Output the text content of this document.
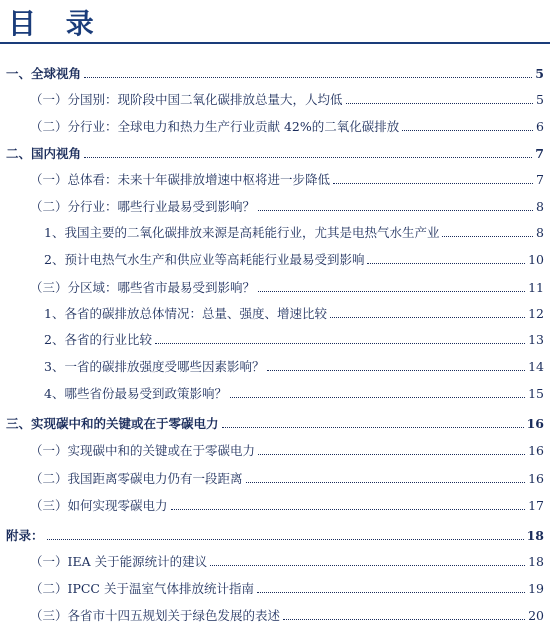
目 录
一、全球视角	5
（一）分国别：现阶段中国二氧化碳排放总量大，人均低	5
（二）分行业：全球电力和热力生产行业贡献 42%的二氧化碳排放	6
二、国内视角	7
（一）总体看：未来十年碳排放增速中枢将进一步降低	7
（二）分行业：哪些行业最易受到影响？	8
1、我国主要的二氧化碳排放来源是高耗能行业，尤其是电热气水生产业	8
2、预计电热气水生产和供应业等高耗能行业最易受到影响	10
（三）分区域：哪些省市最易受到影响？	11
1、各省的碳排放总体情况：总量、强度、增速比较	12
2、各省的行业比较	13
3、一省的碳排放强度受哪些因素影响？	14
4、哪些省份最易受到政策影响？	15
三、实现碳中和的关键或在于零碳电力	16
（一）实现碳中和的关键或在于零碳电力	16
（二）我国距离零碳电力仍有一段距离	16
（三）如何实现零碳电力	17
附录：	18
（一）IEA 关于能源统计的建议	18
（二）IPCC 关于温室气体排放统计指南	19
（三）各省市十四五规划关于绿色发展的表述	20
